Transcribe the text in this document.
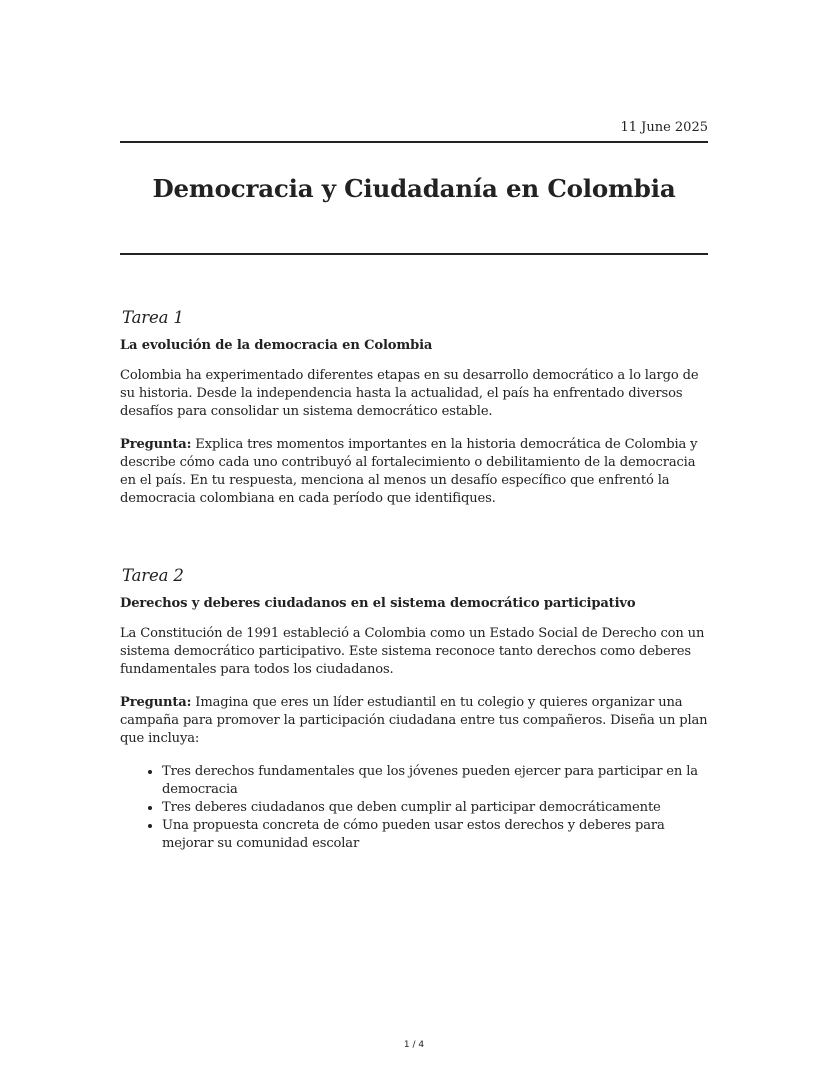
11 June 2025
Democracia y Ciudadanía en Colombia
Tarea 1
La evolución de la democracia en Colombia

Colombia ha experimentado diferentes etapas en su desarrollo democrático a lo largo de su historia. Desde la independencia hasta la actualidad, el país ha enfrentado diversos desafíos para consolidar un sistema democrático estable.

Pregunta: Explica tres momentos importantes en la historia democrática de Colombia y describe cómo cada uno contribuyó al fortalecimiento o debilitamiento de la democracia en el país. En tu respuesta, menciona al menos un desafío específico que enfrentó la democracia colombiana en cada período que identifiques.

Tarea 2
Derechos y deberes ciudadanos en el sistema democrático participativo

La Constitución de 1991 estableció a Colombia como un Estado Social de Derecho con un sistema democrático participativo. Este sistema reconoce tanto derechos como deberes fundamentales para todos los ciudadanos.

Pregunta: Imagina que eres un líder estudiantil en tu colegio y quieres organizar una campaña para promover la participación ciudadana entre tus compañeros. Diseña un plan que incluya:

• Tres derechos fundamentales que los jóvenes pueden ejercer para participar en la democracia
• Tres deberes ciudadanos que deben cumplir al participar democráticamente
• Una propuesta concreta de cómo pueden usar estos derechos y deberes para mejorar su comunidad escolar
1 / 4
